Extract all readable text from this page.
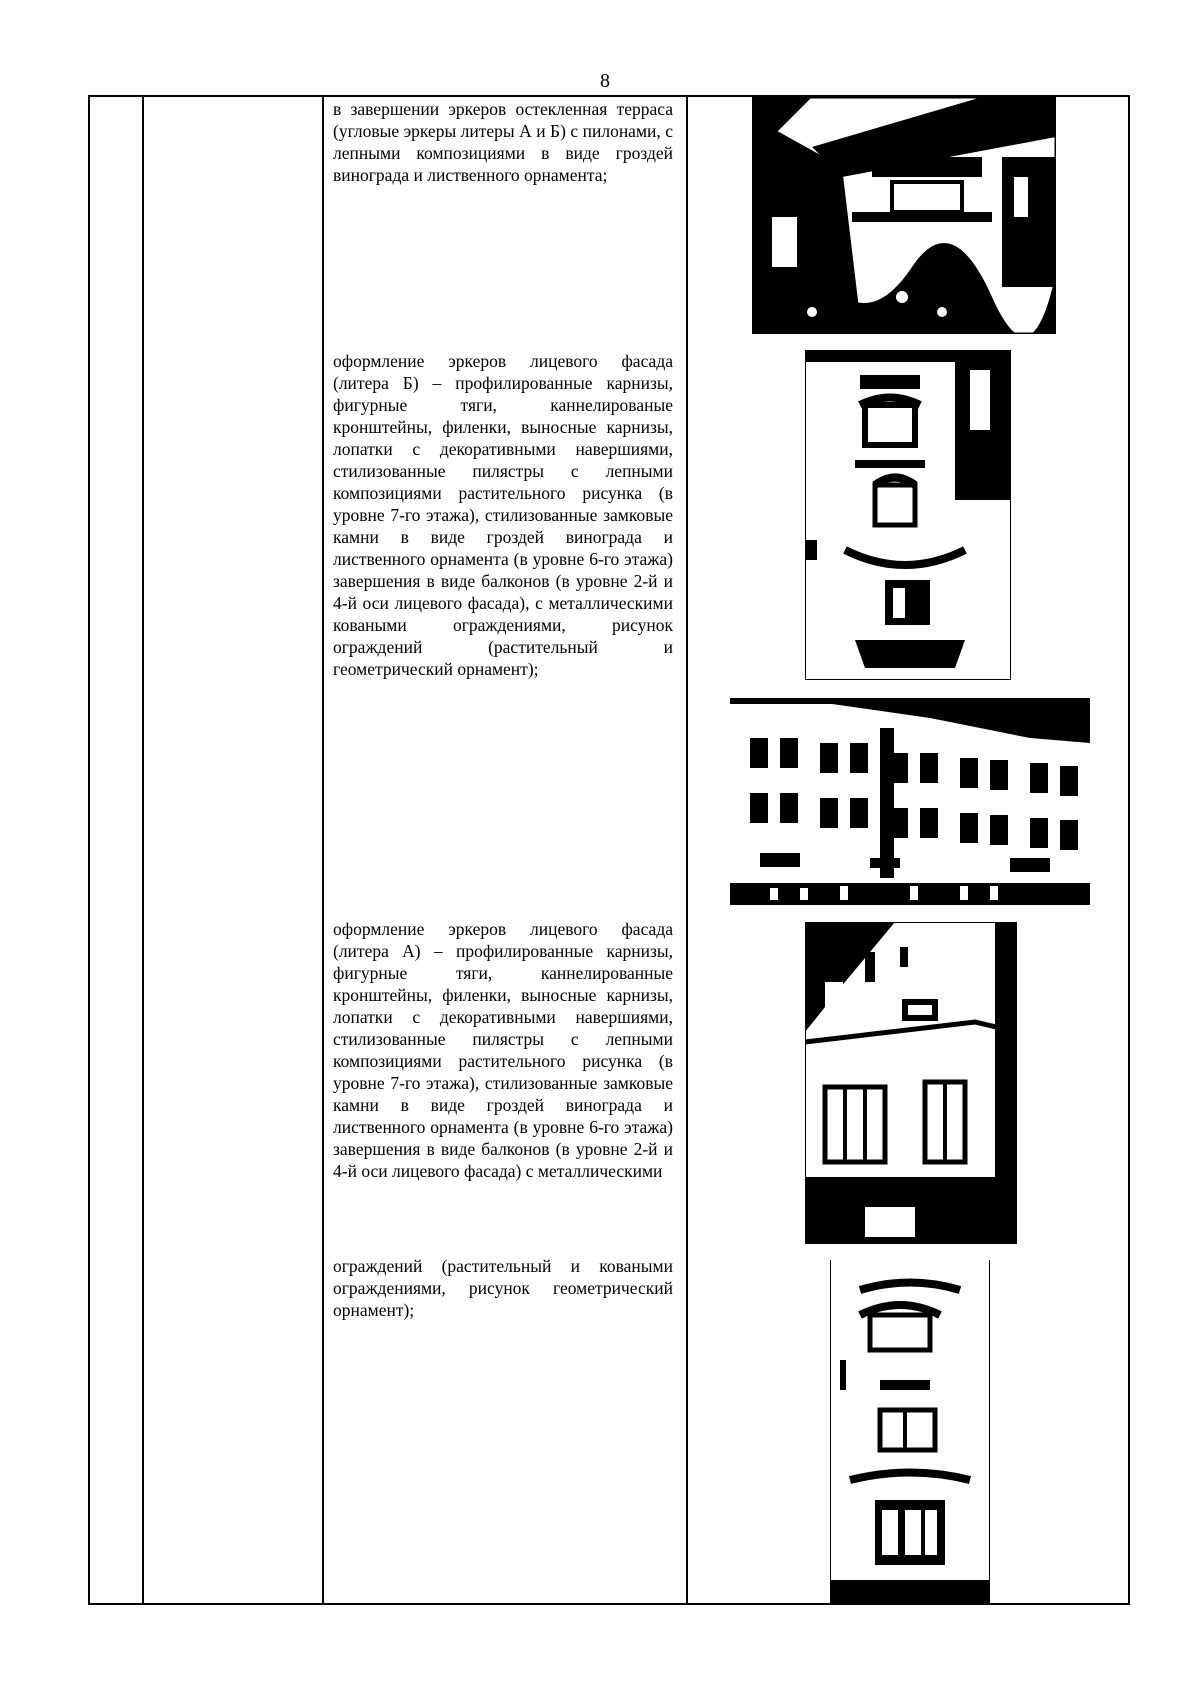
8

в завершении эркеров остекленная терраса (угловые эркеры литеры А и Б) с пилонами, с лепными композициями в виде гроздей винограда и лиственного орнамента;

оформление эркеров лицевого фасада (литера Б) – профилированные карнизы, фигурные тяги, каннелированые кронштейны, филенки, выносные карнизы, лопатки с декоративными навершиями, стилизованные пилястры с лепными композициями растительного рисунка (в уровне 7-го этажа), стилизованные замковые камни в виде гроздей винограда и лиственного орнамента (в уровне 6-го этажа) завершения в виде балконов (в уровне 2-й и 4-й оси лицевого фасада), с металлическими коваными ограждениями, рисунок ограждений (растительный и геометрический орнамент);

оформление эркеров лицевого фасада (литера А) – профилированные карнизы, фигурные тяги, каннелированные кронштейны, филенки, выносные карнизы, лопатки с декоративными навершиями, стилизованные пилястры с лепными композициями растительного рисунка (в уровне 7-го этажа), стилизованные замковые камни в виде гроздей винограда и лиственного орнамента (в уровне 6-го этажа) завершения в виде балконов (в уровне 2-й и 4-й оси лицевого фасада) с металлическими

ограждений (растительный и коваными ограждениями, рисунок геометрический орнамент);
